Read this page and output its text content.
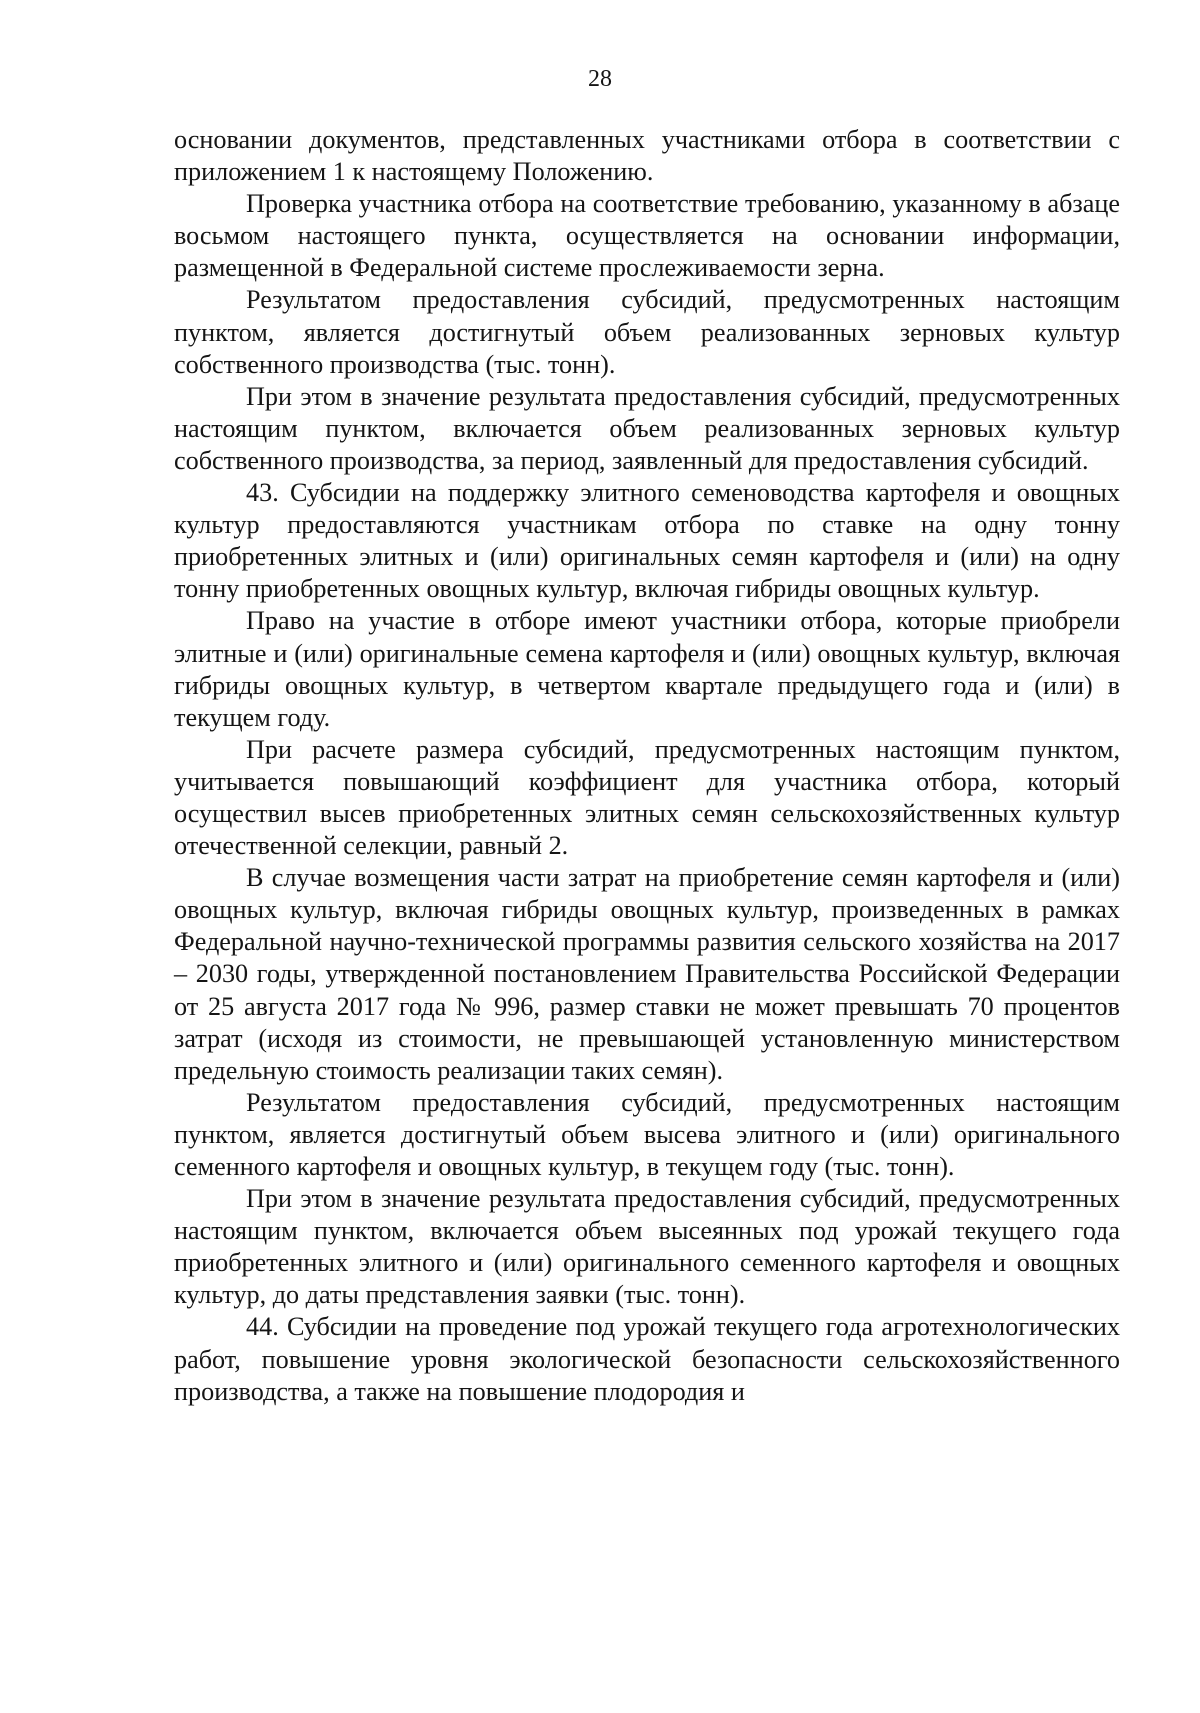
28

основании документов, представленных участниками отбора в соответствии с приложением 1 к настоящему Положению.

Проверка участника отбора на соответствие требованию, указанному в абзаце восьмом настоящего пункта, осуществляется на основании информации, размещенной в Федеральной системе прослеживаемости зерна.

Результатом предоставления субсидий, предусмотренных настоящим пунктом, является достигнутый объем реализованных зерновых культур собственного производства (тыс. тонн).

При этом в значение результата предоставления субсидий, предусмотренных настоящим пунктом, включается объем реализованных зерновых культур собственного производства, за период, заявленный для предоставления субсидий.

43. Субсидии на поддержку элитного семеноводства картофеля и овощных культур предоставляются участникам отбора по ставке на одну тонну приобретенных элитных и (или) оригинальных семян картофеля и (или) на одну тонну приобретенных овощных культур, включая гибриды овощных культур.

Право на участие в отборе имеют участники отбора, которые приобрели элитные и (или) оригинальные семена картофеля и (или) овощных культур, включая гибриды овощных культур, в четвертом квартале предыдущего года и (или) в текущем году.

При расчете размера субсидий, предусмотренных настоящим пунктом, учитывается повышающий коэффициент для участника отбора, который осуществил высев приобретенных элитных семян сельскохозяйственных культур отечественной селекции, равный 2.

В случае возмещения части затрат на приобретение семян картофеля и (или) овощных культур, включая гибриды овощных культур, произведенных в рамках Федеральной научно-технической программы развития сельского хозяйства на 2017 – 2030 годы, утвержденной постановлением Правительства Российской Федерации от 25 августа 2017 года № 996, размер ставки не может превышать 70 процентов затрат (исходя из стоимости, не превышающей установленную министерством предельную стоимость реализации таких семян).

Результатом предоставления субсидий, предусмотренных настоящим пунктом, является достигнутый объем высева элитного и (или) оригинального семенного картофеля и овощных культур, в текущем году (тыс. тонн).

При этом в значение результата предоставления субсидий, предусмотренных настоящим пунктом, включается объем высеянных под урожай текущего года приобретенных элитного и (или) оригинального семенного картофеля и овощных культур, до даты представления заявки (тыс. тонн).

44. Субсидии на проведение под урожай текущего года агротехнологических работ, повышение уровня экологической безопасности сельскохозяйственного производства, а также на повышение плодородия и
